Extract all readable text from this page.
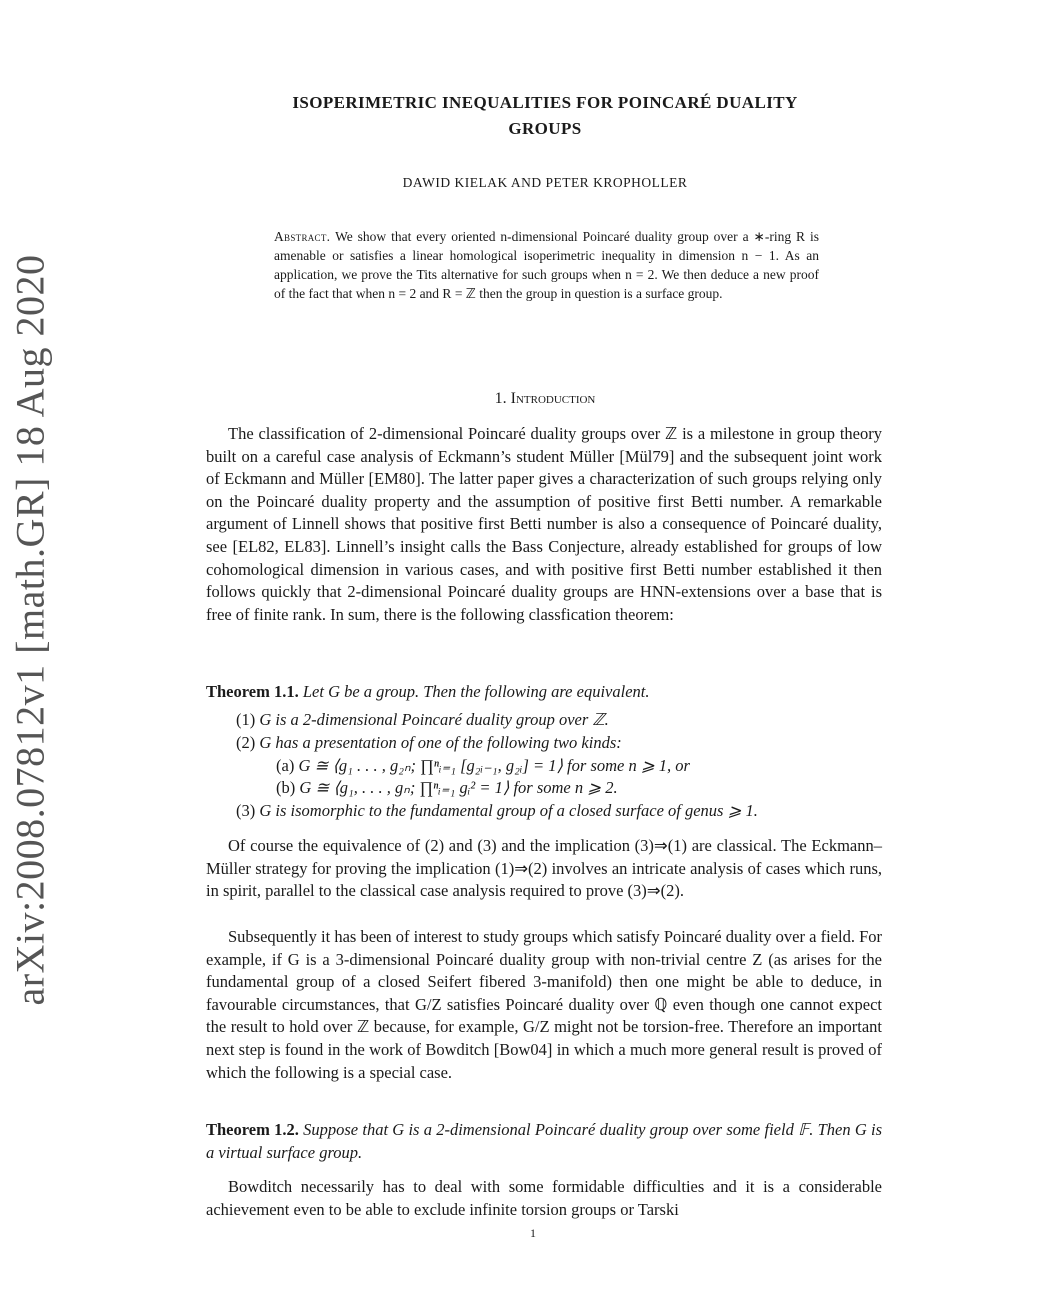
arXiv:2008.07812v1 [math.GR] 18 Aug 2020
ISOPERIMETRIC INEQUALITIES FOR POINCARÉ DUALITY
GROUPS
DAWID KIELAK AND PETER KROPHOLLER
Abstract. We show that every oriented n-dimensional Poincaré duality group over a ∗-ring R is amenable or satisfies a linear homological isoperimetric inequality in dimension n − 1. As an application, we prove the Tits alternative for such groups when n = 2. We then deduce a new proof of the fact that when n = 2 and R = ℤ then the group in question is a surface group.
1. Introduction
The classification of 2-dimensional Poincaré duality groups over ℤ is a milestone in group theory built on a careful case analysis of Eckmann’s student Müller [Mül79] and the subsequent joint work of Eckmann and Müller [EM80]. The latter paper gives a characterization of such groups relying only on the Poincaré duality property and the assumption of positive first Betti number. A remarkable argument of Linnell shows that positive first Betti number is also a consequence of Poincaré duality, see [EL82, EL83]. Linnell’s insight calls the Bass Conjecture, already established for groups of low cohomological dimension in various cases, and with positive first Betti number established it then follows quickly that 2-dimensional Poincaré duality groups are HNN-extensions over a base that is free of finite rank. In sum, there is the following classfication theorem:
Theorem 1.1. Let G be a group. Then the following are equivalent.
(1) G is a 2-dimensional Poincaré duality group over ℤ.
(2) G has a presentation of one of the following two kinds:
(a) G ≅ ⟨g₁ . . . , g₂ₙ; ∏ⁿᵢ₌₁ [g₂ᵢ₋₁, g₂ᵢ] = 1⟩ for some n ⩾ 1, or
(b) G ≅ ⟨g₁, . . . , gₙ; ∏ⁿᵢ₌₁ gᵢ² = 1⟩ for some n ⩾ 2.
(3) G is isomorphic to the fundamental group of a closed surface of genus ⩾ 1.
Of course the equivalence of (2) and (3) and the implication (3)⇒(1) are classical. The Eckmann–Müller strategy for proving the implication (1)⇒(2) involves an intricate analysis of cases which runs, in spirit, parallel to the classical case analysis required to prove (3)⇒(2).
Subsequently it has been of interest to study groups which satisfy Poincaré duality over a field. For example, if G is a 3-dimensional Poincaré duality group with non-trivial centre Z (as arises for the fundamental group of a closed Seifert fibered 3-manifold) then one might be able to deduce, in favourable circumstances, that G/Z satisfies Poincaré duality over ℚ even though one cannot expect the result to hold over ℤ because, for example, G/Z might not be torsion-free. Therefore an important next step is found in the work of Bowditch [Bow04] in which a much more general result is proved of which the following is a special case.
Theorem 1.2. Suppose that G is a 2-dimensional Poincaré duality group over some field 𝔽. Then G is a virtual surface group.
Bowditch necessarily has to deal with some formidable difficulties and it is a considerable achievement even to be able to exclude infinite torsion groups or Tarski
1
